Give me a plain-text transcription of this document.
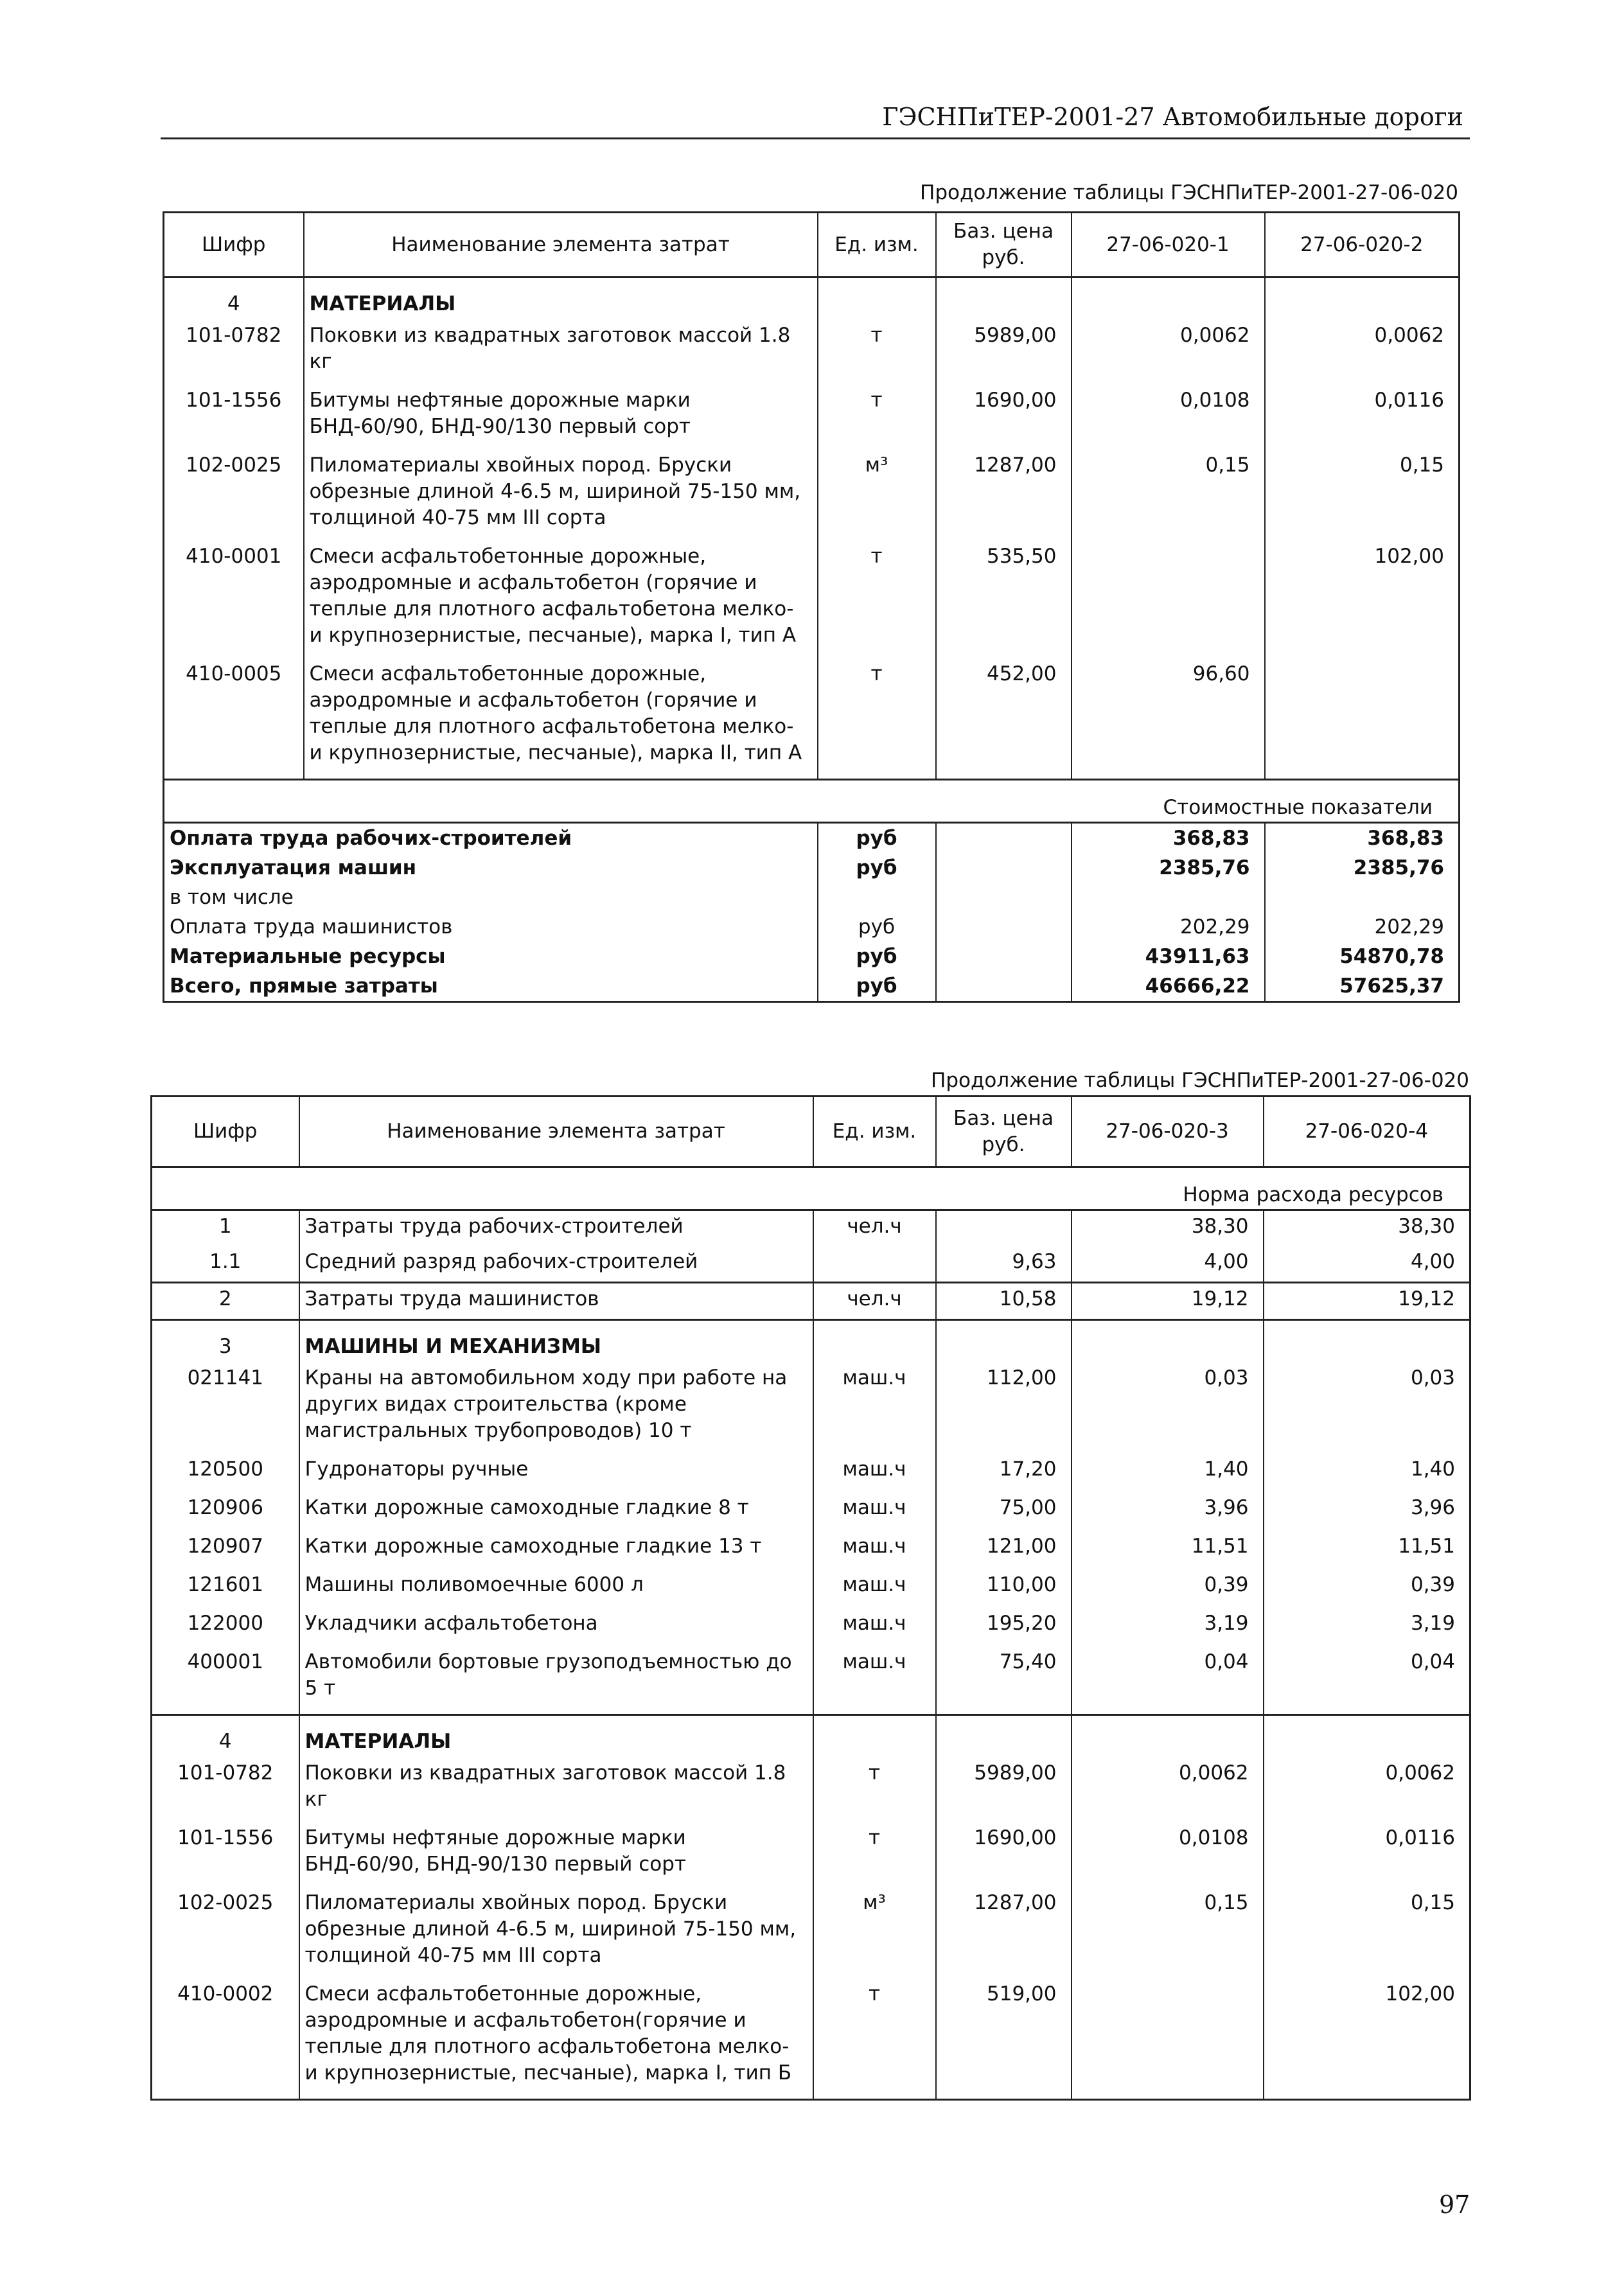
ГЭСНПиТЕР-2001-27 Автомобильные дороги
Продолжение таблицы ГЭСНПиТЕР-2001-27-06-020
Шифр	Наименование элемента затрат	Ед. изм.	Баз. цена руб.	27-06-020-1	27-06-020-2
4	МАТЕРИАЛЫ				
101-0782	Поковки из квадратных заготовок массой 1.8 кг	т	5989,00	0,0062	0,0062
101-1556	Битумы нефтяные дорожные марки БНД-60/90, БНД-90/130 первый сорт	т	1690,00	0,0108	0,0116
102-0025	Пиломатериалы хвойных пород. Бруски обрезные длиной 4-6.5 м, шириной 75-150 мм, толщиной 40-75 мм III сорта	м³	1287,00	0,15	0,15
410-0001	Смеси асфальтобетонные дорожные, аэродромные и асфальтобетон (горячие и теплые для плотного асфальтобетона мелко- и крупнозернистые, песчаные), марка I, тип А	т	535,50		102,00
410-0005	Смеси асфальтобетонные дорожные, аэродромные и асфальтобетон (горячие и теплые для плотного асфальтобетона мелко- и крупнозернистые, песчаные), марка II, тип А	т	452,00	96,60	
Стоимостные показатели					
Оплата труда рабочих-строителей		руб		368,83	368,83
Эксплуатация машин		руб		2385,76	2385,76
в том числе					
Оплата труда машинистов		руб		202,29	202,29
Материальные ресурсы		руб		43911,63	54870,78
Всего, прямые затраты		руб		46666,22	57625,37
Продолжение таблицы ГЭСНПиТЕР-2001-27-06-020
Шифр	Наименование элемента затрат	Ед. изм.	Баз. цена руб.	27-06-020-3	27-06-020-4
Норма расхода ресурсов					
1	Затраты труда рабочих-строителей	чел.ч		38,30	38,30
1.1	Средний разряд рабочих-строителей		9,63	4,00	4,00
2	Затраты труда машинистов	чел.ч	10,58	19,12	19,12
3	МАШИНЫ И МЕХАНИЗМЫ				
021141	Краны на автомобильном ходу при работе на других видах строительства (кроме магистральных трубопроводов) 10 т	маш.ч	112,00	0,03	0,03
120500	Гудронаторы ручные	маш.ч	17,20	1,40	1,40
120906	Катки дорожные самоходные гладкие 8 т	маш.ч	75,00	3,96	3,96
120907	Катки дорожные самоходные гладкие 13 т	маш.ч	121,00	11,51	11,51
121601	Машины поливомоечные 6000 л	маш.ч	110,00	0,39	0,39
122000	Укладчики асфальтобетона	маш.ч	195,20	3,19	3,19
400001	Автомобили бортовые грузоподъемностью до 5 т	маш.ч	75,40	0,04	0,04
4	МАТЕРИАЛЫ				
101-0782	Поковки из квадратных заготовок массой 1.8 кг	т	5989,00	0,0062	0,0062
101-1556	Битумы нефтяные дорожные марки БНД-60/90, БНД-90/130 первый сорт	т	1690,00	0,0108	0,0116
102-0025	Пиломатериалы хвойных пород. Бруски обрезные длиной 4-6.5 м, шириной 75-150 мм, толщиной 40-75 мм III сорта	м³	1287,00	0,15	0,15
410-0002	Смеси асфальтобетонные дорожные, аэродромные и асфальтобетон(горячие и теплые для плотного асфальтобетона мелко- и крупнозернистые, песчаные), марка I, тип Б	т	519,00		102,00
97
